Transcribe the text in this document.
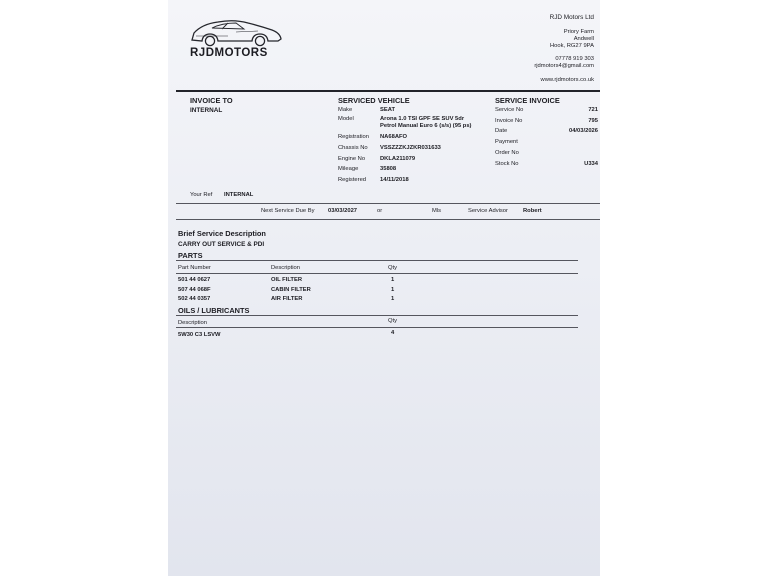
RJDMOTORS
RJD Motors Ltd
Priory Farm
Andwell
Hook, RG27 9PA
07778 919 303
rjdmotors4@gmail.com
www.rjdmotors.co.uk
INVOICE TO
INTERNAL
SERVICED VEHICLE
Make	SEAT
Model	Arona 1.0 TSI GPF SE SUV 5dr
Petrol Manual Euro 6 (s/s) (95 ps)
Registration NA68AFO
Chassis No VSSZZZKJZKR031633
Engine No	DKLA211079
Mileage	35808
Registered 14/11/2018
SERVICE INVOICE
Service No	721
Invoice No	795
Date	04/03/2026
Payment
Order No
Stock No	U334
Your Ref INTERNAL
Next Service Due By 03/03/2027	or	Mls	Service Advisor	Robert
Brief Service Description
CARRY OUT SERVICE & PDI
PARTS
Part Number	Description	Qty
501 44 0627	OIL FILTER	1
507 44 068F	CABIN FILTER	1
502 44 0357	AIR FILTER	1
OILS / LUBRICANTS
Description	Qty
5W30 C3 LSVW	4
